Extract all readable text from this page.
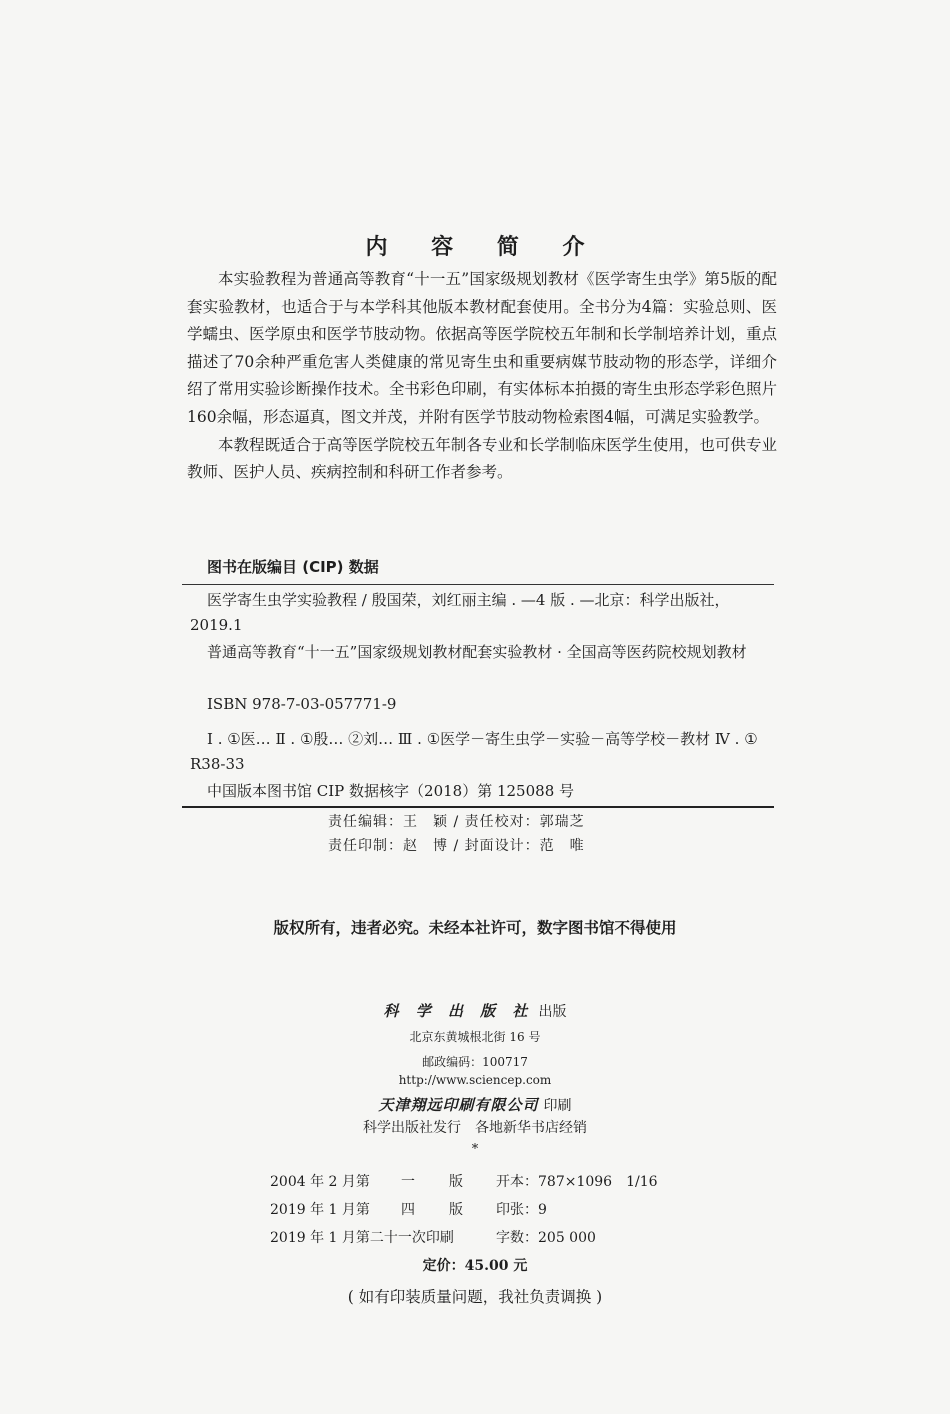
内 容 简 介

本实验教程为普通高等教育“十一五”国家级规划教材《医学寄生虫学》第5版的配套实验教材，也适合于与本学科其他版本教材配套使用。全书分为4篇：实验总则、医学蠕虫、医学原虫和医学节肢动物。依据高等医学院校五年制和长学制培养计划，重点描述了70余种严重危害人类健康的常见寄生虫和重要病媒节肢动物的形态学，详细介绍了常用实验诊断操作技术。全书彩色印刷，有实体标本拍摄的寄生虫形态学彩色照片160余幅，形态逼真，图文并茂，并附有医学节肢动物检索图4幅，可满足实验教学。

本教程既适合于高等医学院校五年制各专业和长学制临床医学生使用，也可供专业教师、医护人员、疾病控制和科研工作者参考。

图书在版编目 (CIP) 数据
医学寄生虫学实验教程 / 殷国荣，刘红丽主编 . —4 版 . —北京：科学出版社，2019.1
普通高等教育“十一五”国家级规划教材配套实验教材 · 全国高等医药院校规划教材
ISBN 978-7-03-057771-9
Ⅰ . ①医… Ⅱ . ①殷… ②刘… Ⅲ . ①医学－寄生虫学－实验－高等学校－教材 Ⅳ . ① R38-33
中国版本图书馆 CIP 数据核字（2018）第 125088 号
责任编辑：王　颖 / 责任校对：郭瑞芝
责任印制：赵　博 / 封面设计：范　唯
版权所有，违者必究。未经本社许可，数字图书馆不得使用
科 学 出 版 社 出版
北京东黄城根北街 16 号
邮政编码：100717
http://www.sciencep.com
天津翔远印刷有限公司 印刷
科学出版社发行　各地新华书店经销
*
2004 年 2 月第 一 版 开本：787×1096　1/16
2019 年 1 月第 四 版 印张：9
2019 年 1 月第二十一次印刷	字数：205 000
定价：45.00 元
( 如有印装质量问题，我社负责调换 )
